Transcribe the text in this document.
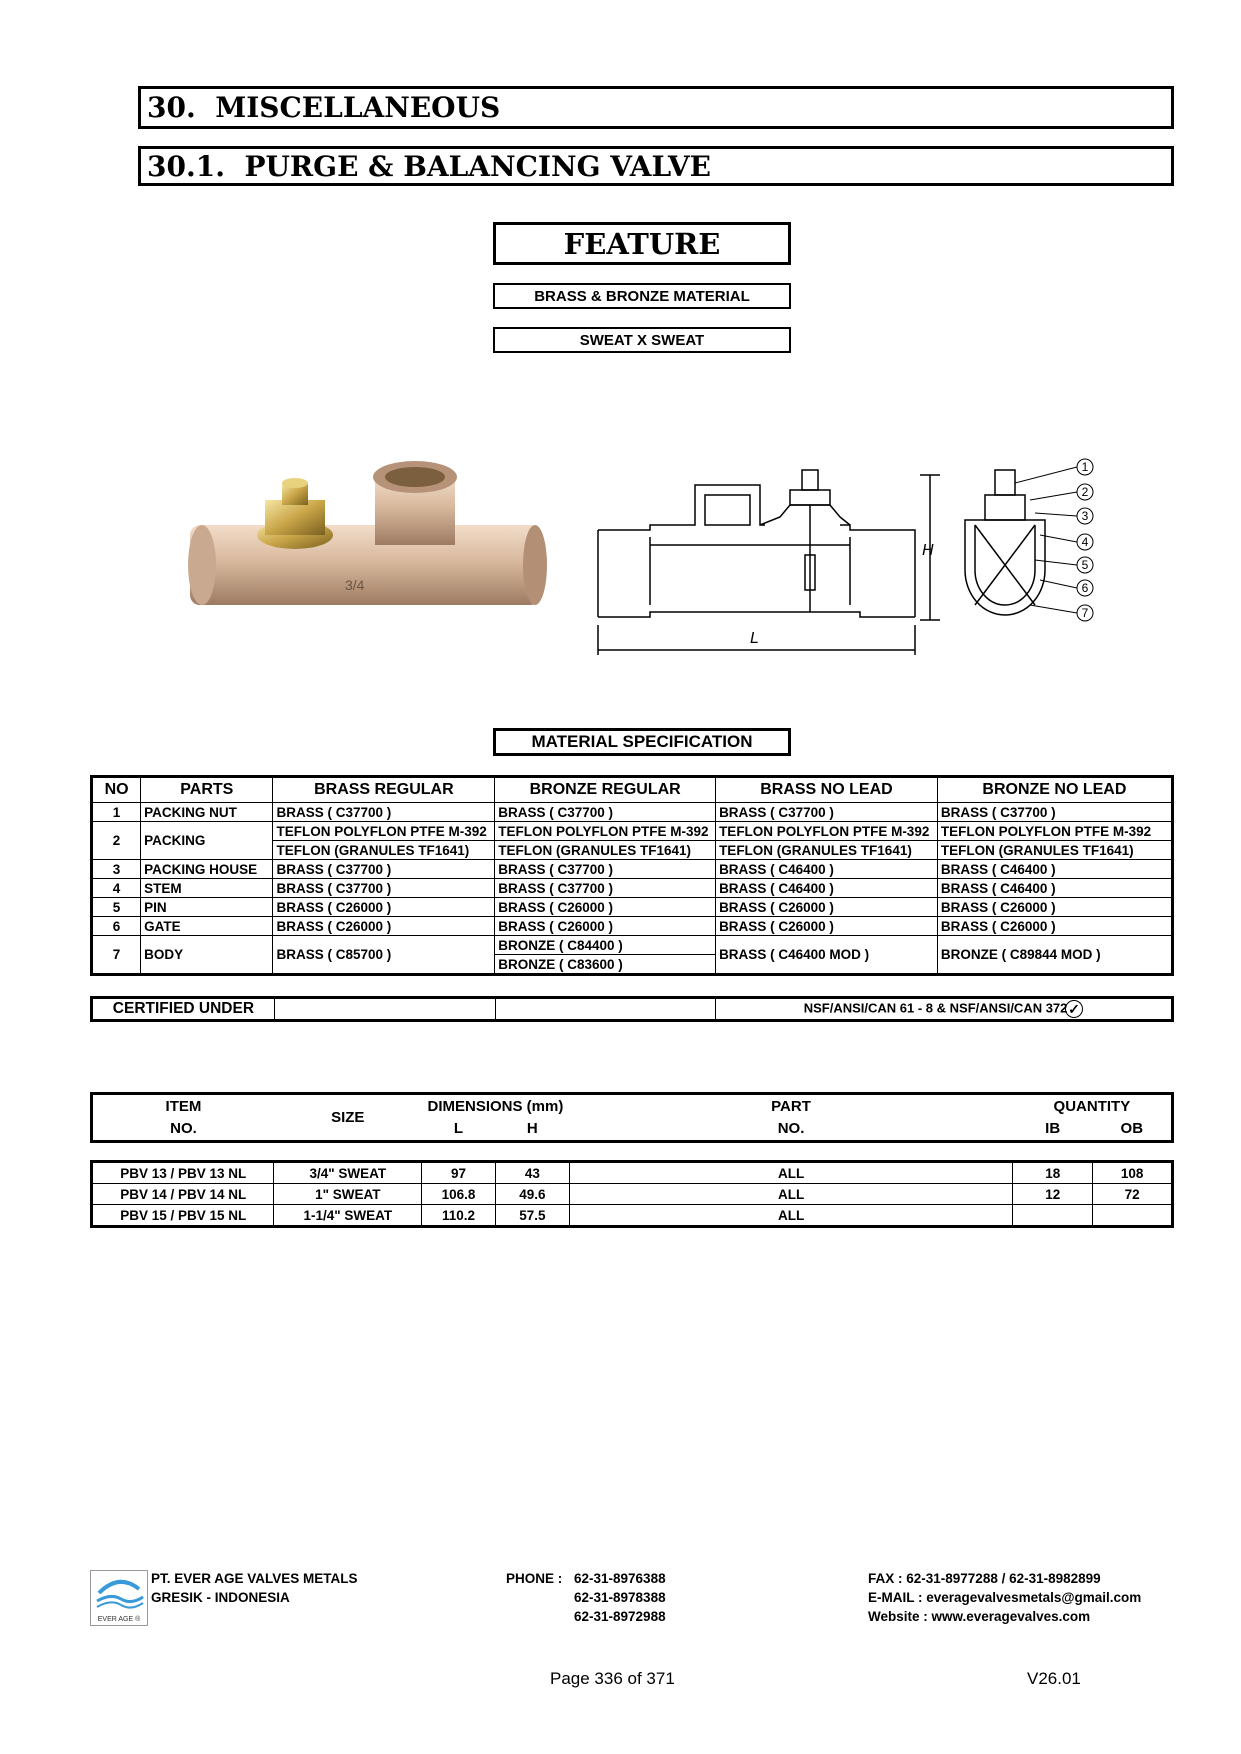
30.  MISCELLANEOUS
30.1.  PURGE & BALANCING VALVE
FEATURE
BRASS & BRONZE MATERIAL
SWEAT X SWEAT
3/4
H
L
1
2
3
4
5
6
7
MATERIAL SPECIFICATION
NO	PARTS	BRASS REGULAR	BRONZE REGULAR	BRASS NO LEAD	BRONZE NO LEAD
1	PACKING NUT	BRASS ( C37700 )	BRASS ( C37700 )	BRASS ( C37700 )	BRASS ( C37700 )
2	PACKING	TEFLON POLYFLON PTFE M-392	TEFLON POLYFLON PTFE M-392	TEFLON POLYFLON PTFE M-392	TEFLON POLYFLON PTFE M-392
		TEFLON (GRANULES TF1641)	TEFLON (GRANULES TF1641)	TEFLON (GRANULES TF1641)	TEFLON (GRANULES TF1641)
3	PACKING HOUSE	BRASS ( C37700 )	BRASS ( C37700 )	BRASS ( C46400 )	BRASS ( C46400 )
4	STEM	BRASS ( C37700 )	BRASS ( C37700 )	BRASS ( C46400 )	BRASS ( C46400 )
5	PIN	BRASS ( C26000 )	BRASS ( C26000 )	BRASS ( C26000 )	BRASS ( C26000 )
6	GATE	BRASS ( C26000 )	BRASS ( C26000 )	BRASS ( C26000 )	BRASS ( C26000 )
7	BODY	BRASS ( C85700 )	BRONZE ( C84400 )	BRASS ( C46400 MOD )	BRONZE ( C89844 MOD )
			BRONZE ( C83600 )		
CERTIFIED UNDER			NSF/ANSI/CAN 61 - 8 & NSF/ANSI/CAN 372 ✓
ITEM	SIZE	DIMENSIONS (mm)		PART	QUANTITY	
NO.		L	H	NO.	IB	OB
PBV 13 / PBV 13 NL	3/4" SWEAT	97	43	ALL	18	108
PBV 14 / PBV 14 NL	1" SWEAT	106.8	49.6	ALL	12	72
PBV 15 / PBV 15 NL	1-1/4" SWEAT	110.2	57.5	ALL		
EVER AGE ®
PT. EVER AGE VALVES METALS
GRESIK - INDONESIA
PHONE : 62-31-8976388
62-31-8978388
62-31-8972988
FAX : 62-31-8977288 / 62-31-8982899
E-MAIL : everagevalvesmetals@gmail.com
Website : www.everagevalves.com
Page 336 of 371	V26.01
